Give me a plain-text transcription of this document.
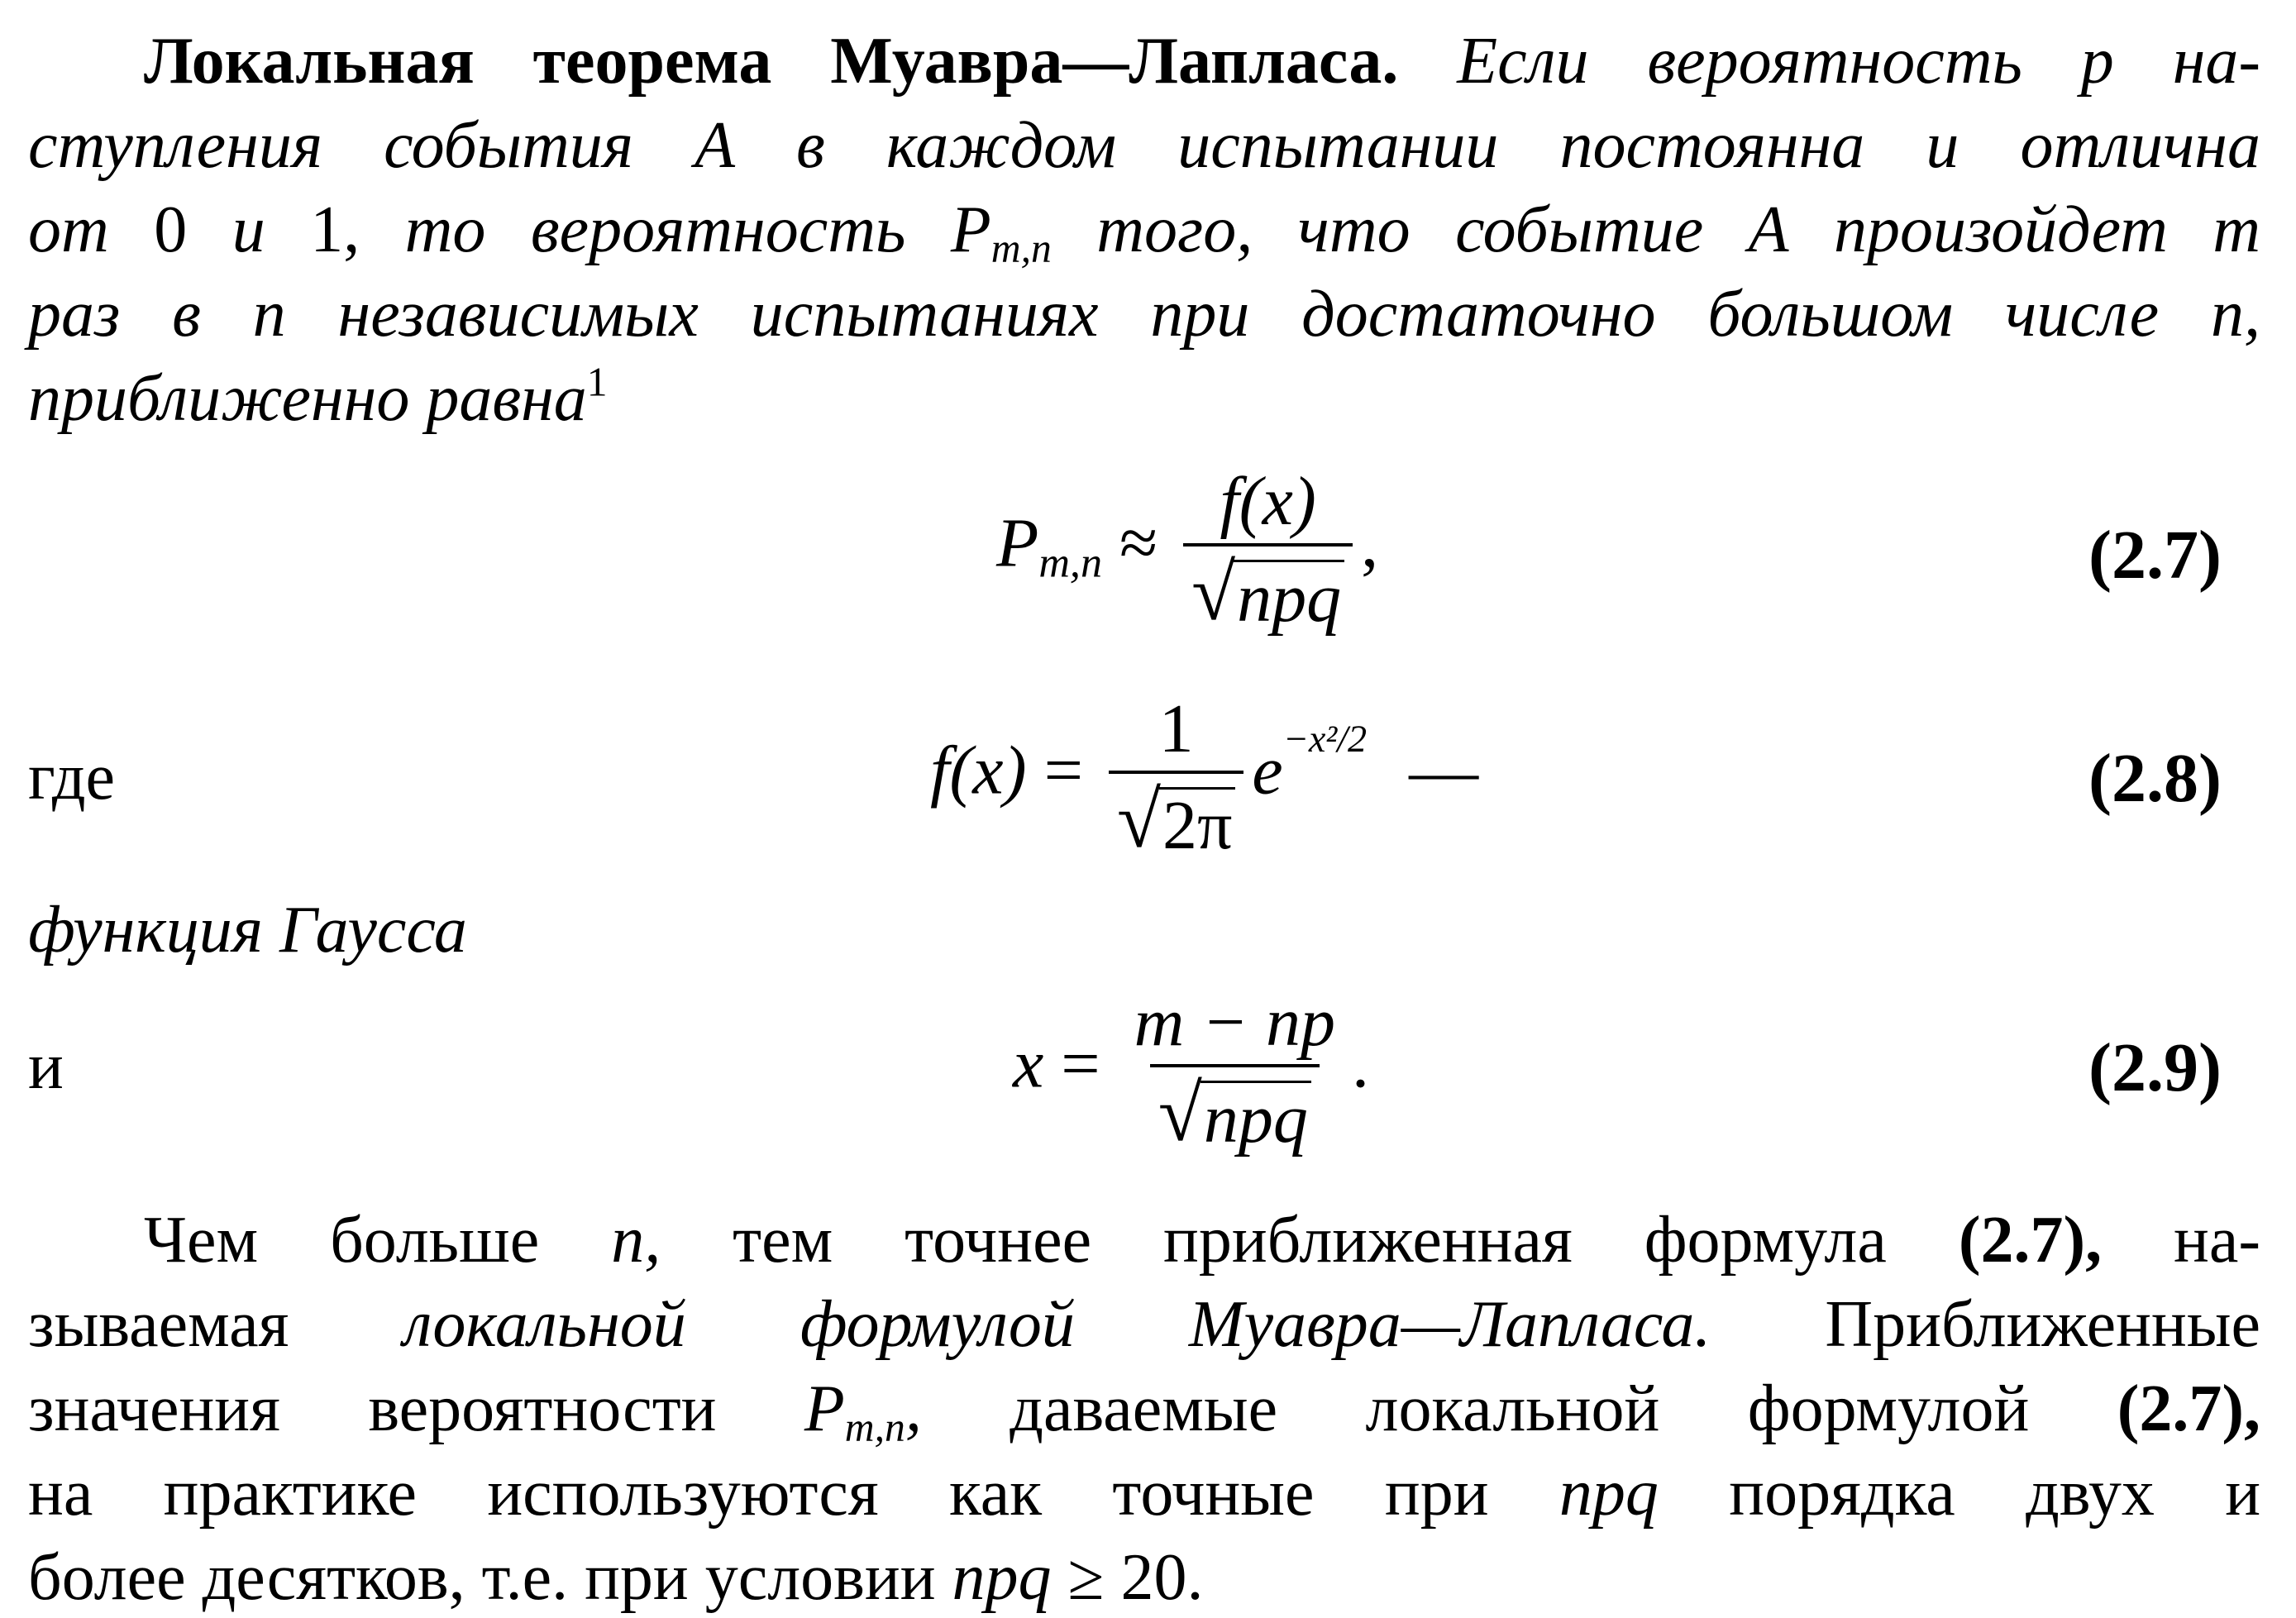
Локальная теорема Муавра—Лапласа. Если вероятность р на-
ступления события А в каждом испытании постоянна и отлична
от 0 и 1, то вероятность $P_{m,n}$ того, что событие А произойдет m
раз в n независимых испытаниях при достаточно большом числе n,
приближенно равна$^1$
$P_{m,n} \approx \frac{f(x)}{\text{√ npq}}$ ,	(2.7)
где	$f(x) = \frac{1}{√ 2\pi} e^{-x^2/2}$ —	(2.8)
функция Гаусса
и	$x = \frac{m - np}{\text{√ npq}}$ .	(2.9)
Чем больше n, тем точнее приближенная формула (2.7), на-
зываемая локальной формулой Муавра—Лапласа. Приближенные
значения вероятности $P_{m,n}$, даваемые локальной формулой (2.7),
на практике используются как точные при npq порядка двух и
более десятков, т.е. при условии npq ≥ 20.
